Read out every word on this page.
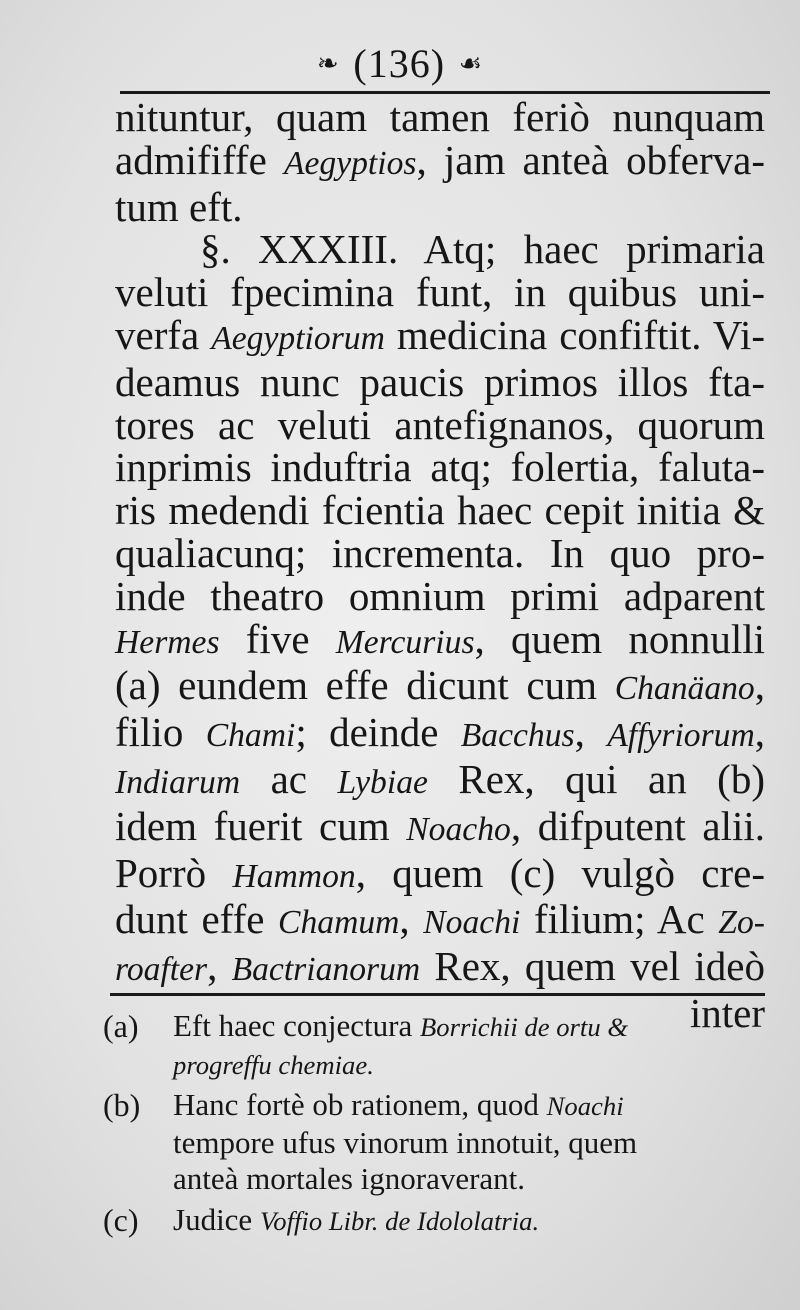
❧ (136) ☙
nituntur, quam tamen feriò nunquam
admififfe Aegyptios, jam anteà obferva-
tum eft.
§. XXXIII. Atq; haec primaria
veluti fpecimina funt, in quibus uni-
verfa Aegyptiorum medicina confiftit. Vi-
deamus nunc paucis primos illos fta-
tores ac veluti antefignanos, quorum
inprimis induftria atq; folertia, faluta-
ris medendi fcientia haec cepit initia &
qualiacunq; incrementa. In quo pro-
inde theatro omnium primi adparent
Hermes five Mercurius, quem nonnulli
(a) eundem effe dicunt cum Chanäano,
filio Chami; deinde Bacchus, Affyriorum,
Indiarum ac Lybiae Rex, qui an (b)
idem fuerit cum Noacho, difputent alii.
Porrò Hammon, quem (c) vulgò cre-
dunt effe Chamum, Noachi filium; Ac Zo-
roafter, Bactrianorum Rex, quem vel ideò
inter
(a) Eft haec conjectura Borrichii de ortu &
progreffu chemiae.
(b) Hanc fortè ob rationem, quod Noachi
tempore ufus vinorum innotuit, quem
anteà mortales ignoraverant.
(c) Judice Voffio Libr. de Idololatria.
